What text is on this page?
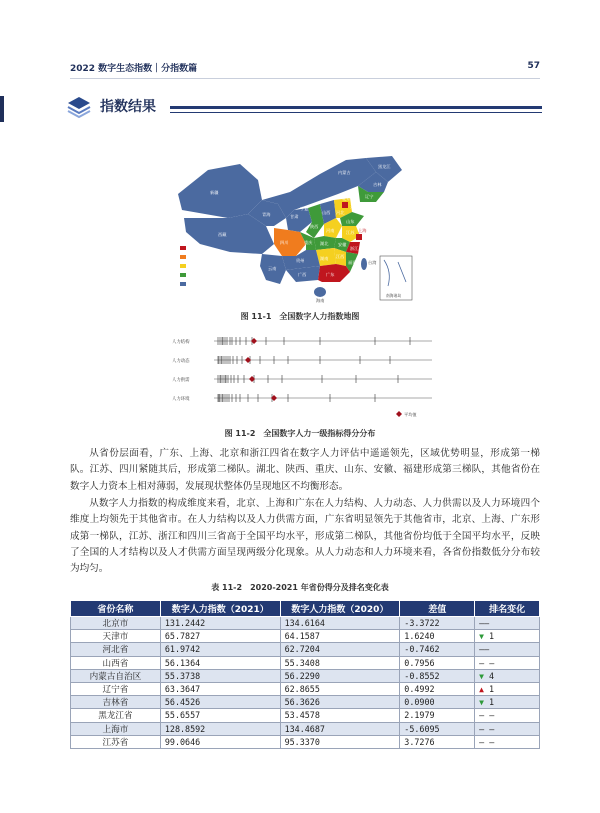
2022 数字生态指数｜分指数篇	57
指数结果
内蒙古
黑龙江
吉林
辽宁
新疆
西藏
青海	甘肃
宁夏
陕西
山西 河北
北京
天津
山东
河南	江苏 上海
安徽
湖北
四川	重庆
湖南 江西
浙江
福建
贵州
云南
广西	广东
海南
台湾
100~150
80~100
70~80
60~70
50~60
南海诸岛
图 11-1　全国数字人力指数地图
人力结构
人力动态
人力供需
人力环境
平均值
图 11-2　全国数字人力一级指标得分分布
从省份层面看，广东、上海、北京和浙江四省在数字人力评估中遥遥领先，区域优势明显，形成第一梯队。江苏、四川紧随其后，形成第二梯队。湖北、陕西、重庆、山东、安徽、福建形成第三梯队，其他省份在数字人力资本上相对薄弱，发展现状整体仍呈现地区不均衡形态。
从数字人力指数的构成维度来看，北京、上海和广东在人力结构、人力动态、人力供需以及人力环境四个维度上均领先于其他省市。在人力结构以及人力供需方面，广东省明显领先于其他省市，北京、上海、广东形成第一梯队，江苏、浙江和四川三省高于全国平均水平，形成第二梯队，其他省份均低于全国平均水平，反映了全国的人才结构以及人才供需方面呈现两级分化现象。从人力动态和人力环境来看，各省份指数低分分布较为均匀。
表 11-2　2020-2021 年省份得分及排名变化表
省份名称	数字人力指数（2021）	数字人力指数（2020）	差值	排名变化
北京市	131.2442	134.6164	-3.3722	——
天津市	65.7827	64.1587	1.6240	▼ 1
河北省	61.9742	62.7204	-0.7462	——
山西省	56.1364	55.3408	0.7956	— —
内蒙古自治区	55.3738	56.2290	-0.8552	▼ 4
辽宁省	63.3647	62.8655	0.4992	▲ 1
吉林省	56.4526	56.3626	0.0900	▼ 1
黑龙江省	55.6557	53.4578	2.1979	— —
上海市	128.8592	134.4687	-5.6095	— —
江苏省	99.0646	95.3370	3.7276	— —
